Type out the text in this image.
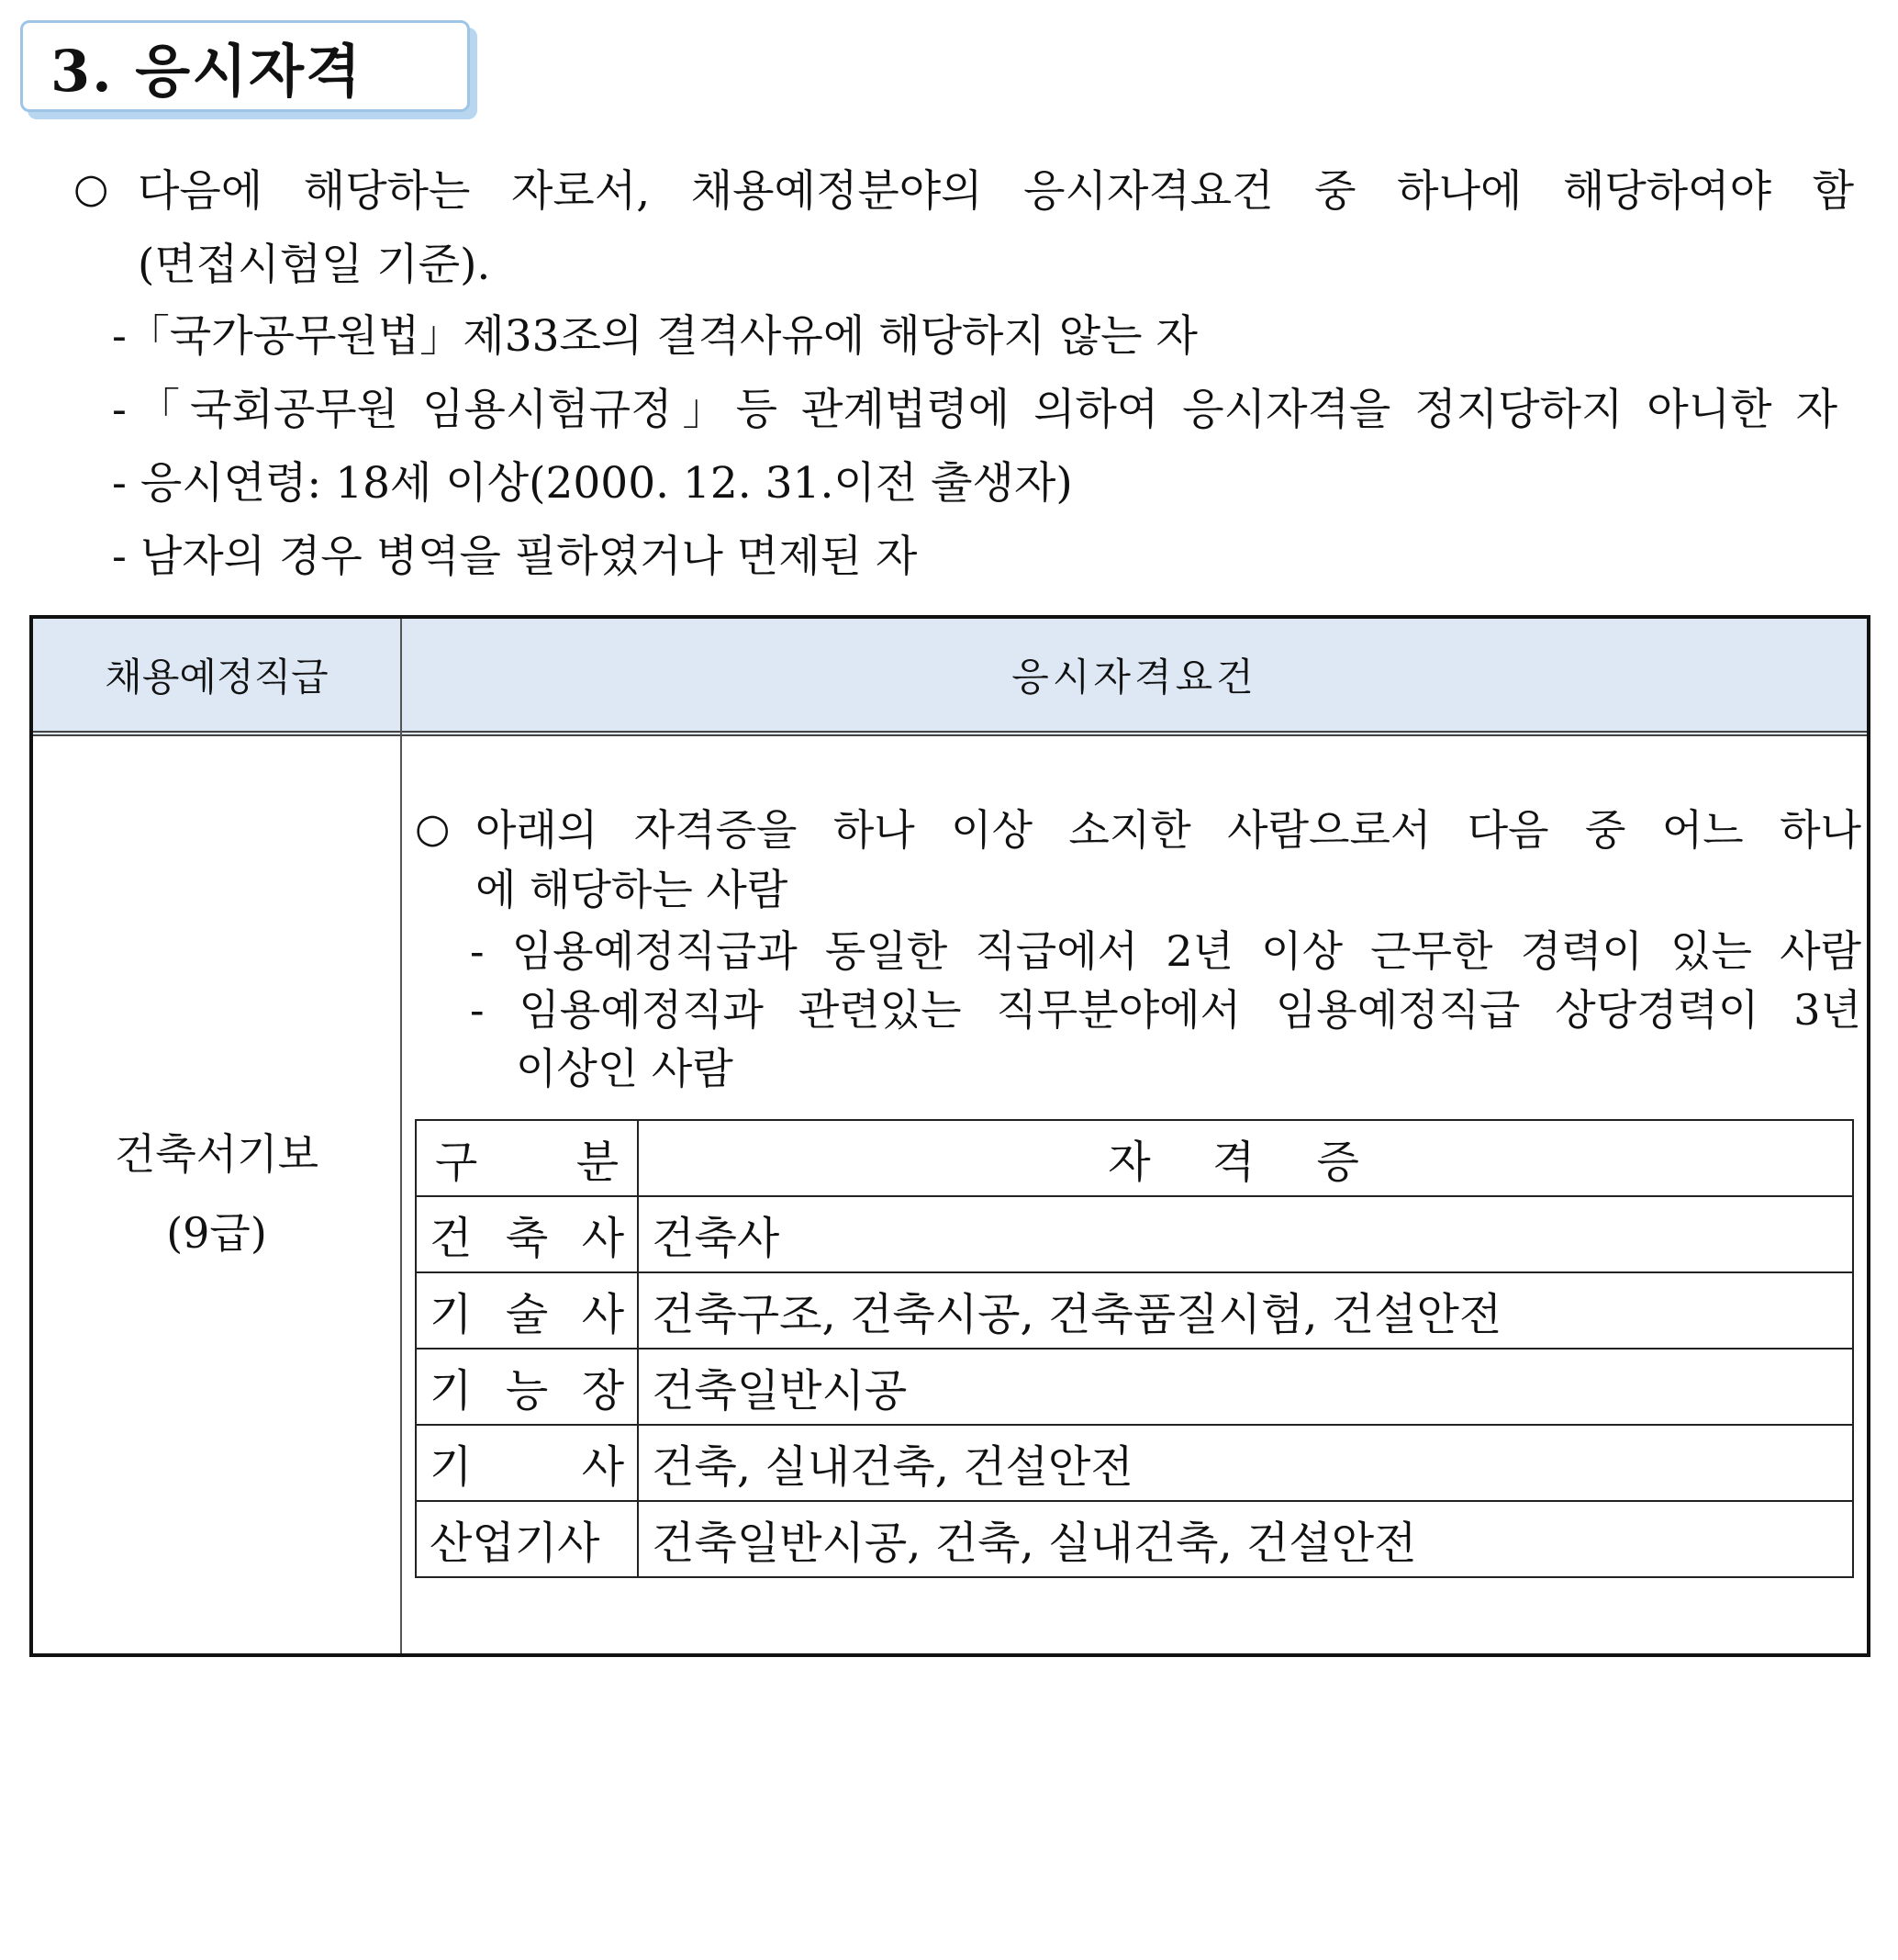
3. 응시자격
○ 다음에 해당하는 자로서, 채용예정분야의 응시자격요건 중 하나에 해당하여야 함
(면접시험일 기준).
-「국가공무원법」제33조의 결격사유에 해당하지 않는 자
-「국회공무원 임용시험규정」등 관계법령에 의하여 응시자격을 정지당하지 아니한 자
- 응시연령: 18세 이상(2000. 12. 31.이전 출생자)
- 남자의 경우 병역을 필하였거나 면제된 자
채용예정직급	응시자격요건
건축서기보
(9급)
○ 아래의 자격증을 하나 이상 소지한 사람으로서 다음 중 어느 하나
에 해당하는 사람
- 임용예정직급과 동일한 직급에서 2년 이상 근무한 경력이 있는 사람
- 임용예정직과 관련있는 직무분야에서 임용예정직급 상당경력이 3년
이상인 사람
구 분	자 격 증

건 축 사	건축사

기 술 사	건축구조, 건축시공, 건축품질시험, 건설안전

기 능 장	건축일반시공

기 사	건축, 실내건축, 건설안전
산업기사	건축일반시공, 건축, 실내건축, 건설안전
